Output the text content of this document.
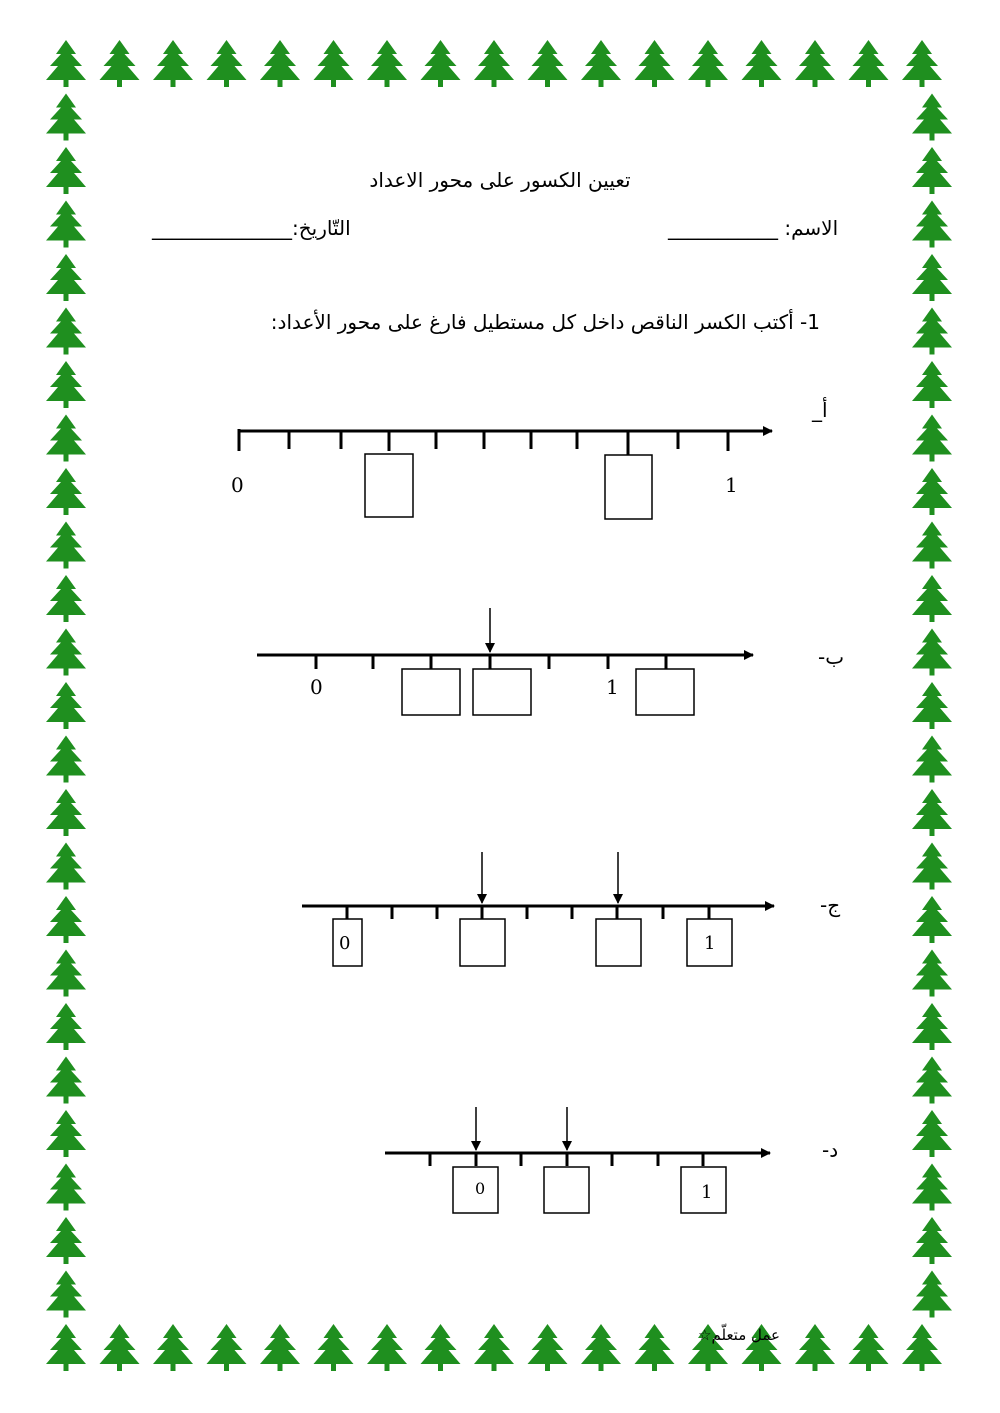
تعيين الكسور على محور الاعداد
الاسم: ___________
التّاريخ:______________
1- أكتب الكسر الناقص داخل كل مستطيل فارغ على محور الأعداد:
أ_
ب-
ج-
د-
0	1
0	1
0	1
0	1
عمل متعلّم☆
